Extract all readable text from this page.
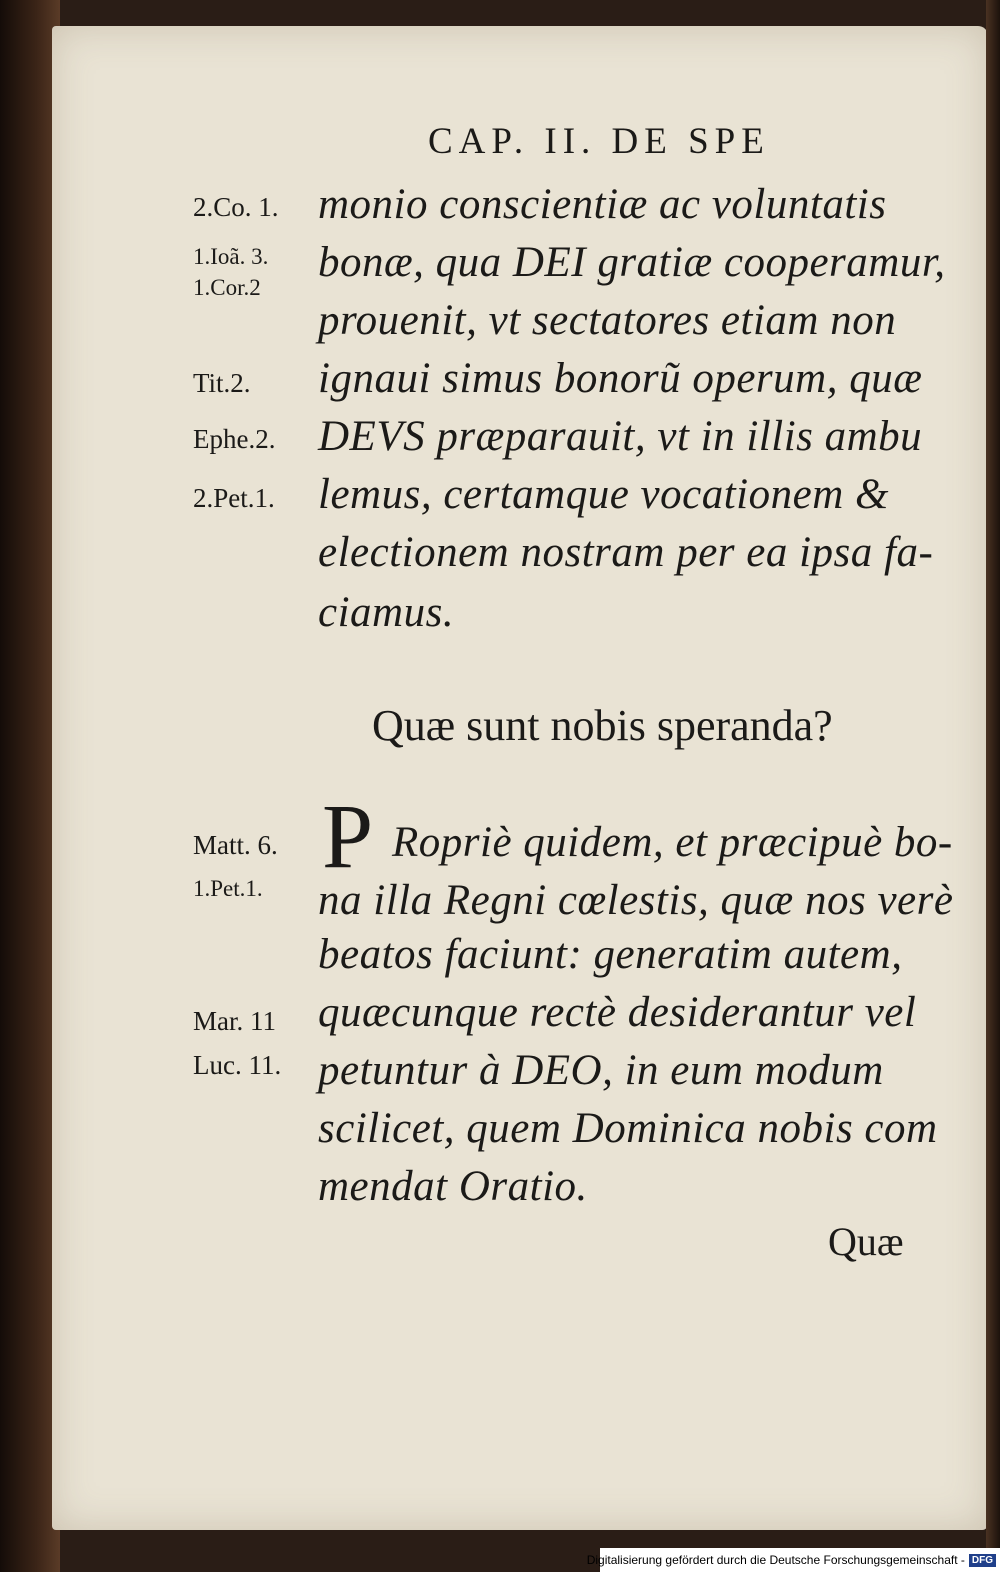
CAP. II. DE SPE
2.Co. 1.
1.Ioã. 3.
1.Cor.2
Tit.2.
Ephe.2.
2.Pet.1.
Matt. 6.
1.Pet.1.
Mar. 11
Luc. 11.
monio conscientiæ ac voluntatis
bonæ, qua DEI gratiæ cooperamur,
prouenit, vt sectatores etiam non
ignaui simus bonorũ operum, quæ
DEVS præparauit, vt in illis ambu
lemus, certamque vocationem &
electionem nostram per ea ipsa fa-
ciamus.
Quæ sunt nobis speranda?
P Ropriè quidem, et præcipuè bo-
na illa Regni cœlestis, quæ nos verè
beatos faciunt: generatim autem,
quæcunque rectè desiderantur vel
petuntur à DEO, in eum modum
scilicet, quem Dominica nobis com
mendat Oratio.
Quæ
Digitalisierung gefördert durch die Deutsche Forschungsgemeinschaft - DFG
